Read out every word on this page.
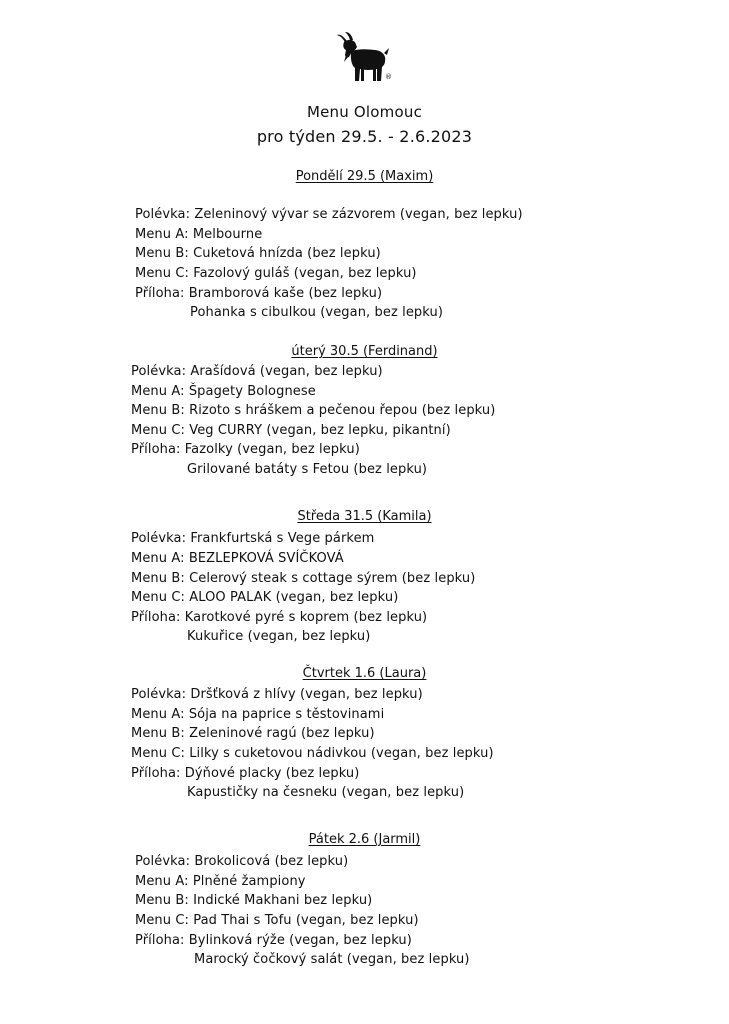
®
Menu Olomouc
pro týden 29.5. - 2.6.2023
Pondělí 29.5 (Maxim)
Polévka: Zeleninový vývar se zázvorem (vegan, bez lepku)
Menu A: Melbourne
Menu B: Cuketová hnízda (bez lepku)
Menu C: Fazolový guláš (vegan, bez lepku)
Příloha: Bramborová kaše (bez lepku)
Pohanka s cibulkou (vegan, bez lepku)
úterý 30.5 (Ferdinand)
Polévka: Arašídová (vegan, bez lepku)
Menu A: Špagety Bolognese
Menu B: Rizoto s hráškem a pečenou řepou (bez lepku)
Menu C: Veg CURRY (vegan, bez lepku, pikantní)
Příloha: Fazolky (vegan, bez lepku)
Grilované batáty s Fetou (bez lepku)
Středa 31.5 (Kamila)
Polévka: Frankfurtská s Vege párkem
Menu A: BEZLEPKOVÁ SVÍČKOVÁ
Menu B: Celerový steak s cottage sýrem (bez lepku)
Menu C: ALOO PALAK (vegan, bez lepku)
Příloha: Karotkové pyré s koprem (bez lepku)
Kukuřice (vegan, bez lepku)
Čtvrtek 1.6 (Laura)
Polévka: Dršťková z hlívy (vegan, bez lepku)
Menu A: Sója na paprice s těstovinami
Menu B: Zeleninové ragú (bez lepku)
Menu C: Lilky s cuketovou nádivkou (vegan, bez lepku)
Příloha: Dýňové placky (bez lepku)
Kapustičky na česneku (vegan, bez lepku)
Pátek 2.6 (Jarmil)
Polévka: Brokolicová (bez lepku)
Menu A: Plněné žampiony
Menu B: Indické Makhani bez lepku)
Menu C: Pad Thai s Tofu (vegan, bez lepku)
Příloha: Bylinková rýže (vegan, bez lepku)
Marocký čočkový salát (vegan, bez lepku)
